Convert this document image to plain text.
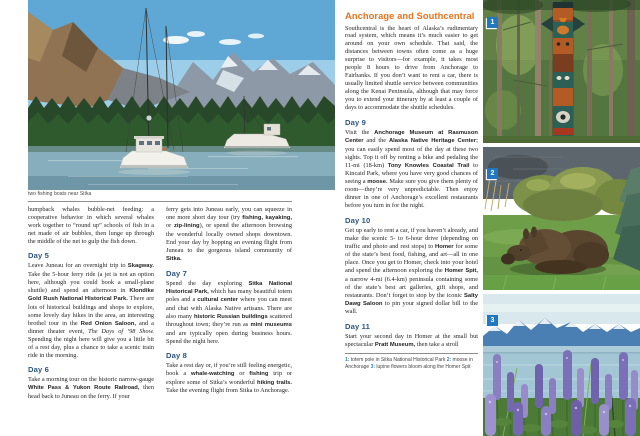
two fishing boats near Sitka

humpback whales bubble-net feeding: a cooperative behavior in which several whales work together to “round up” schools of fish in a net made of air bubbles, then lunge up through the middle of the net to gulp the fish down.

Day 5

Leave Juneau for an overnight trip to Skagway. Take the 5-hour ferry ride (a jet is not an option here, although you could book a small-plane shuttle) and spend an afternoon in Klondike Gold Rush National Historical Park. There are lots of historical buildings and shops to explore, some lovely day hikes in the area, an interesting brothel tour in the Red Onion Saloon, and a dinner theater event, The Days of ’98 Show. Spending the night here will give you a little bit of a rest day, plus a chance to take a scenic train ride in the morning.

Day 6

Take a morning tour on the historic narrow-gauge White Pass & Yukon Route Railroad, then head back to Juneau on the ferry. If your

ferry gets into Juneau early, you can squeeze in one more short day tour (try fishing, kayaking, or zip-lining), or spend the afternoon browsing the wonderful locally owned shops downtown. End your day by hopping an evening flight from Juneau to the gorgeous island community of Sitka.

Day 7

Spend the day exploring Sitka National Historical Park, which has many beautiful totem poles and a cultural center where you can meet and chat with Alaska Native artisans. There are also many historic Russian buildings scattered throughout town; they’re run as mini museums and are typically open during business hours. Spend the night here.

Day 8

Take a rest day or, if you’re still feeling energetic, book a whale-watching or fishing trip or explore some of Sitka’s wonderful hiking trails. Take the evening flight from Sitka to Anchorage.

Anchorage and Southcentral

Southcentral is the heart of Alaska’s rudimentary road system, which means it’s much easier to get around on your own schedule. That said, the distances between towns often come as a huge surprise to visitors—for example, it takes most people 8 hours to drive from Anchorage to Fairbanks. If you don’t want to rent a car, there is usually limited shuttle service between communities along the Kenai Peninsula, although that may force you to extend your itinerary by at least a couple of days to accommodate the shuttle schedules.

Day 9

Visit the Anchorage Museum at Rasmuson Center and the Alaska Native Heritage Center; you can easily spend most of the day at these two sights. Top it off by renting a bike and pedaling the 11-mi (18-km) Tony Knowles Coastal Trail to Kincaid Park, where you have very good chances of seeing a moose. Make sure you give them plenty of room—they’re very unpredictable. Then enjoy dinner in one of Anchorage’s excellent restaurants before you turn in for the night.

Day 10

Get up early to rent a car, if you haven’t already, and make the scenic 5- to 6-hour drive (depending on traffic and photo and rest stops) to Homer for some of the state’s best food, fishing, and art—all in one place. Once you get to Homer, check into your hotel and spend the afternoon exploring the Homer Spit, a narrow 4-mi (6.4-km) peninsula containing some of the state’s best art galleries, gift shops, and restaurants. Don’t forget to stop by the iconic Salty Dawg Saloon to pin your signed dollar bill to the wall.

Day 11

Start your second day in Homer at the small but spectacular Pratt Museum, then take a stroll

1: totem pole in Sitka National Historical Park 2: moose in Anchorage 3: lupine flowers bloom along the Homer Spit
1
2
3
